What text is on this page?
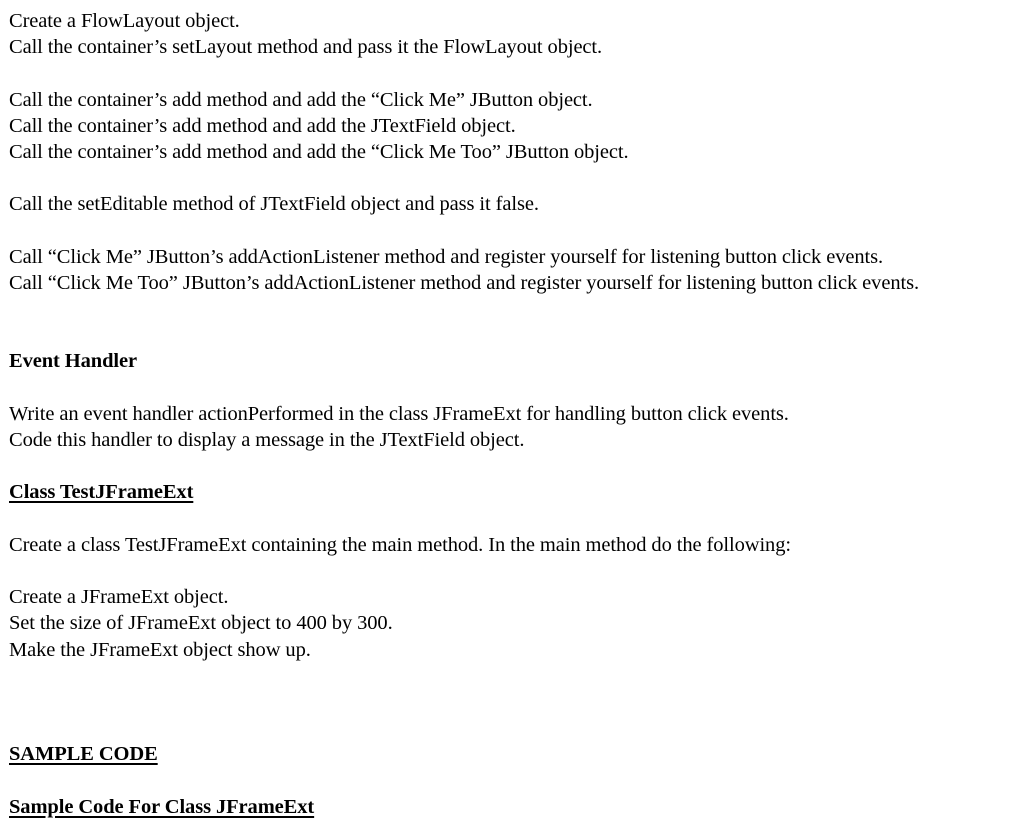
Create a FlowLayout object.
Call the container’s setLayout method and pass it the FlowLayout object.
Call the container’s add method and add the “Click Me” JButton object.
Call the container’s add method and add the JTextField object.
Call the container’s add method and add the “Click Me Too” JButton object.
Call the setEditable method of JTextField object and pass it false.
Call “Click Me” JButton’s addActionListener method and register yourself for listening button click events.
Call “Click Me Too” JButton’s addActionListener method and register yourself for listening button click events.
Event Handler
Write an event handler actionPerformed in the class JFrameExt for handling button click events.
Code this handler to display a message in the JTextField object.
Class TestJFrameExt
Create a class TestJFrameExt containing the main method. In the main method do the following:
Create a JFrameExt object.
Set the size of JFrameExt object to 400 by 300.
Make the JFrameExt object show up.
SAMPLE CODE
Sample Code For Class JFrameExt
